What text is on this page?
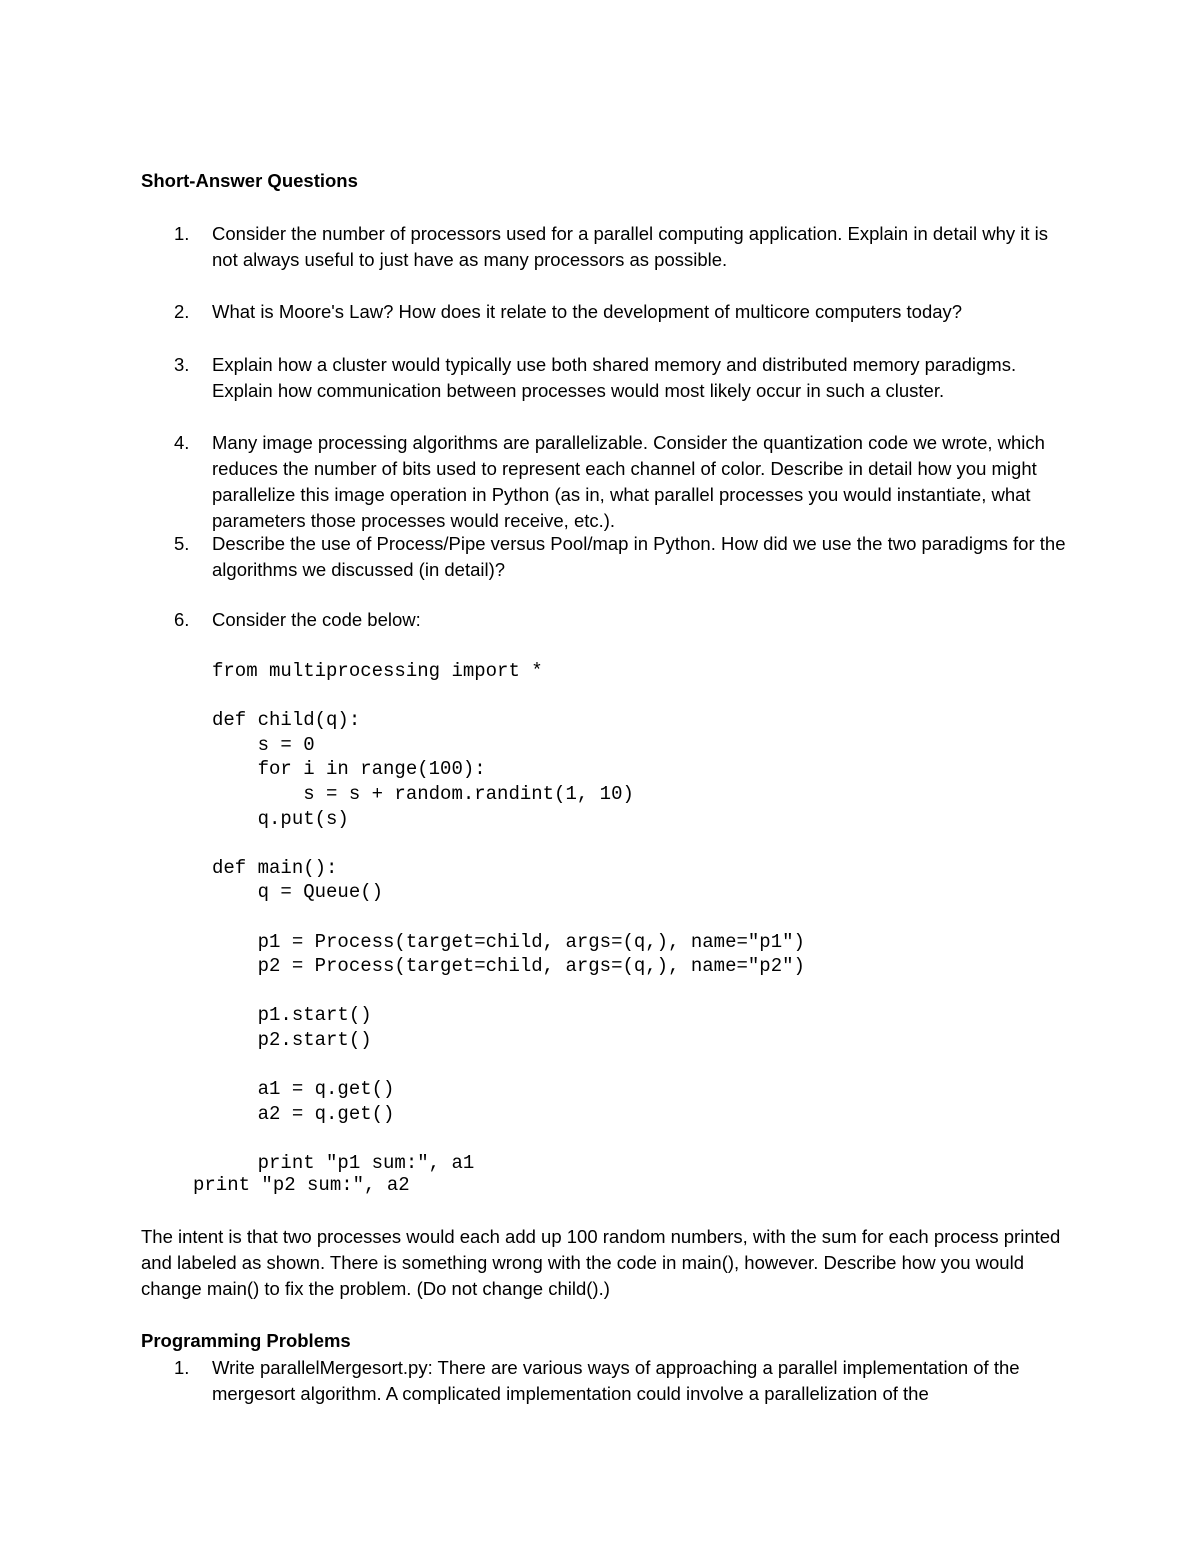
Short-Answer Questions
1.	Consider the number of processors used for a parallel computing application. Explain in detail why it is not always useful to just have as many processors as possible.
2.	What is Moore's Law? How does it relate to the development of multicore computers today?
3.	Explain how a cluster would typically use both shared memory and distributed memory paradigms. Explain how communication between processes would most likely occur in such a cluster.
4.	Many image processing algorithms are parallelizable. Consider the quantization code we wrote, which reduces the number of bits used to represent each channel of color. Describe in detail how you might parallelize this image operation in Python (as in, what parallel processes you would instantiate, what parameters those processes would receive, etc.).
5.	Describe the use of Process/Pipe versus Pool/map in Python. How did we use the two paradigms for the algorithms we discussed (in detail)?
6.	Consider the code below:
from multiprocessing import *

def child(q):
s = 0
for i in range(100):
s = s + random.randint(1, 10)
q.put(s)

def main():
q = Queue()

p1 = Process(target=child, args=(q,), name="p1")
p2 = Process(target=child, args=(q,), name="p2")

p1.start()
p2.start()

a1 = q.get()
a2 = q.get()

print "p1 sum:", a1
print "p2 sum:", a2
The intent is that two processes would each add up 100 random numbers, with the sum for each process printed and labeled as shown. There is something wrong with the code in main(), however. Describe how you would change main() to fix the problem. (Do not change child().)
Programming Problems
1.	Write parallelMergesort.py: There are various ways of approaching a parallel implementation of the mergesort algorithm. A complicated implementation could involve a parallelization of the
